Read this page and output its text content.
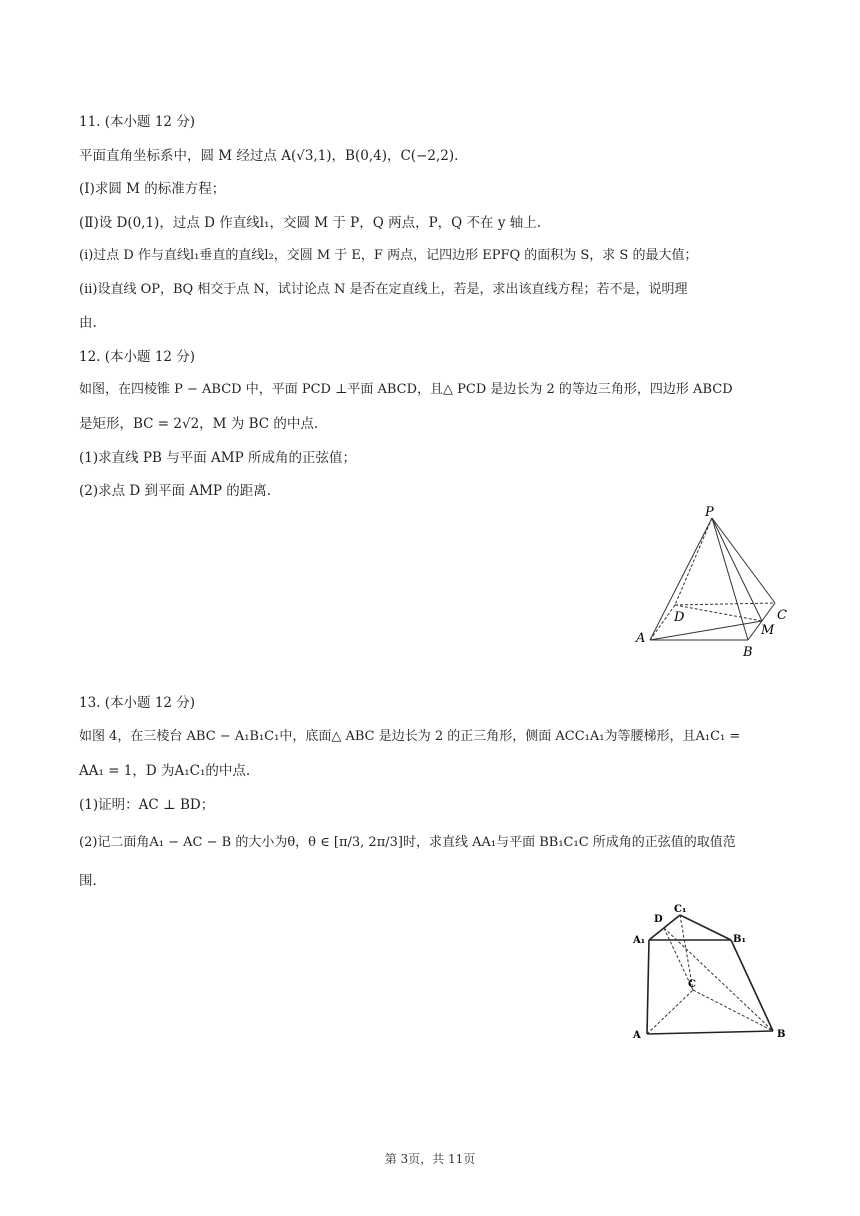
11. (本小题 12 分)
平面直角坐标系中，圆 M 经过点 A(√3,1)，B(0,4)，C(−2,2).
(Ⅰ)求圆 M 的标准方程；
(Ⅱ)设 D(0,1)，过点 D 作直线l₁，交圆 M 于 P，Q 两点，P，Q 不在 y 轴上.
(ⅰ)过点 D 作与直线l₁垂直的直线l₂，交圆 M 于 E，F 两点，记四边形 EPFQ 的面积为 S，求 S 的最大值；
(ⅱ)设直线 OP，BQ 相交于点 N，试讨论点 N 是否在定直线上，若是，求出该直线方程；若不是，说明理
由.
12. (本小题 12 分)
如图，在四棱锥 P − ABCD 中，平面 PCD ⊥平面 ABCD，且△ PCD 是边长为 2 的等边三角形，四边形 ABCD
是矩形，BC = 2√2，M 为 BC 的中点.
(1)求直线 PB 与平面 AMP 所成角的正弦值；
(2)求点 D 到平面 AMP 的距离.
P
D	C
M
A
B
13. (本小题 12 分)
如图 4，在三棱台 ABC − A₁B₁C₁中，底面△ ABC 是边长为 2 的正三角形，侧面 ACC₁A₁为等腰梯形，且A₁C₁ =
AA₁ = 1，D 为A₁C₁的中点.
(1)证明：AC ⊥ BD；
(2)记二面角A₁ − AC − B 的大小为θ，θ ∈ [π/3, 2π/3]时，求直线 AA₁与平面 BB₁C₁C 所成角的正弦值的取值范
围.
C₁
D
A₁	B₁
C
A	B
第 3页，共 11页
